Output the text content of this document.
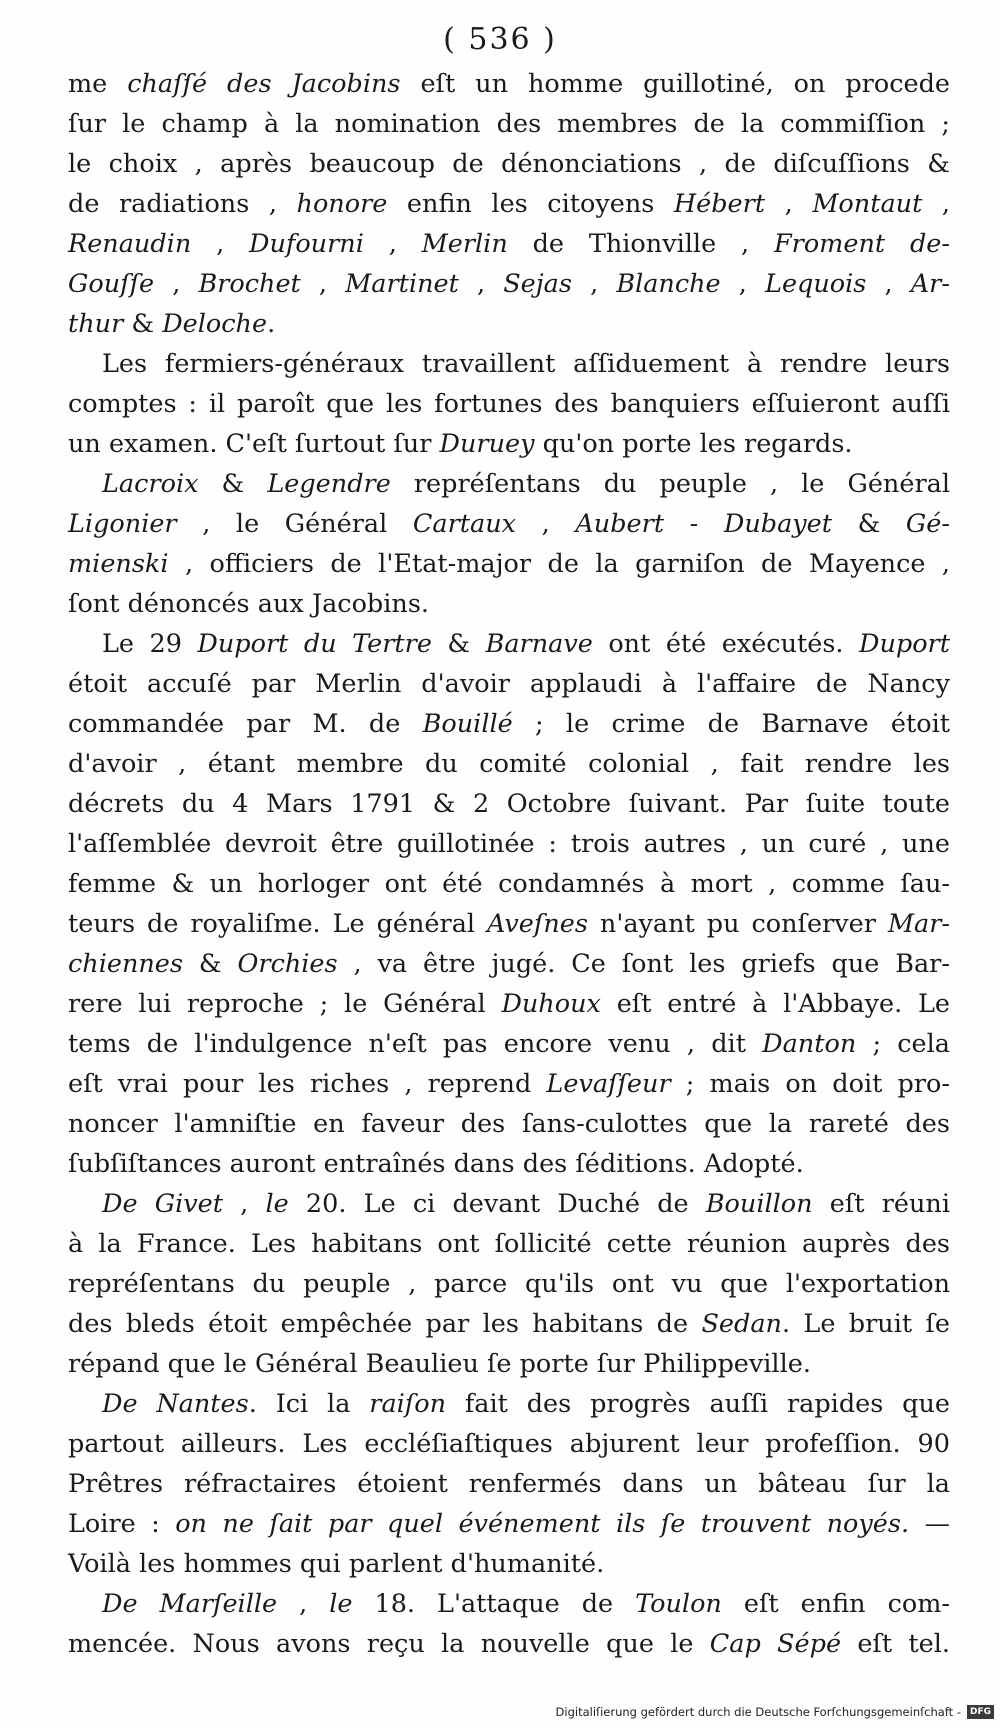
( 536 )
me chaſſé des Jacobins eſt un homme guillotiné, on procede
ſur le champ à la nomination des membres de la commiſſion ;
le choix , après beaucoup de dénonciations , de diſcuſſions &
de radiations , honore enfin les citoyens Hébert , Montaut ,
Renaudin , Dufourni , Merlin de Thionville , Froment de-
Gouſſe , Brochet , Martinet , Sejas , Blanche , Lequois , Ar-
thur & Deloche.
Les fermiers-généraux travaillent aſſiduement à rendre leurs
comptes : il paroît que les fortunes des banquiers eſſuieront auſſi
un examen. C'eſt ſurtout ſur Duruey qu'on porte les regards.
Lacroix & Legendre repréſentans du peuple , le Général
Ligonier , le Général Cartaux , Aubert - Dubayet & Gé-
mienski , officiers de l'Etat-major de la garniſon de Mayence ,
ſont dénoncés aux Jacobins.
Le 29 Duport du Tertre & Barnave ont été exécutés. Duport
étoit accuſé par Merlin d'avoir applaudi à l'affaire de Nancy
commandée par M. de Bouillé ; le crime de Barnave étoit
d'avoir , étant membre du comité colonial , fait rendre les
décrets du 4 Mars 1791 & 2 Octobre ſuivant. Par ſuite toute
l'aſſemblée devroit être guillotinée : trois autres , un curé , une
femme & un horloger ont été condamnés à mort , comme ſau-
teurs de royaliſme. Le général Aveſnes n'ayant pu conſerver Mar-
chiennes & Orchies , va être jugé. Ce ſont les griefs que Bar-
rere lui reproche ; le Général Duhoux eſt entré à l'Abbaye. Le
tems de l'indulgence n'eſt pas encore venu , dit Danton ; cela
eſt vrai pour les riches , reprend Levaſſeur ; mais on doit pro-
noncer l'amniſtie en faveur des ſans-culottes que la rareté des
ſubſiſtances auront entraînés dans des ſéditions. Adopté.
De Givet , le 20. Le ci devant Duché de Bouillon eſt réuni
à la France. Les habitans ont ſollicité cette réunion auprès des
repréſentans du peuple , parce qu'ils ont vu que l'exportation
des bleds étoit empêchée par les habitans de Sedan. Le bruit ſe
répand que le Général Beaulieu ſe porte ſur Philippeville.
De Nantes. Ici la raiſon fait des progrès auſſi rapides que
partout ailleurs. Les eccléſiaſtiques abjurent leur profeſſion. 90
Prêtres réfractaires étoient renfermés dans un bâteau ſur la
Loire : on ne ſait par quel événement ils ſe trouvent noyés. —
Voilà les hommes qui parlent d'humanité.
De Marſeille , le 18. L'attaque de Toulon eſt enfin com-
mencée. Nous avons reçu la nouvelle que le Cap Sépé eſt tel.
Digitaliſierung gefördert durch die Deutsche Forſchungsgemeinſchaft -	DFG
